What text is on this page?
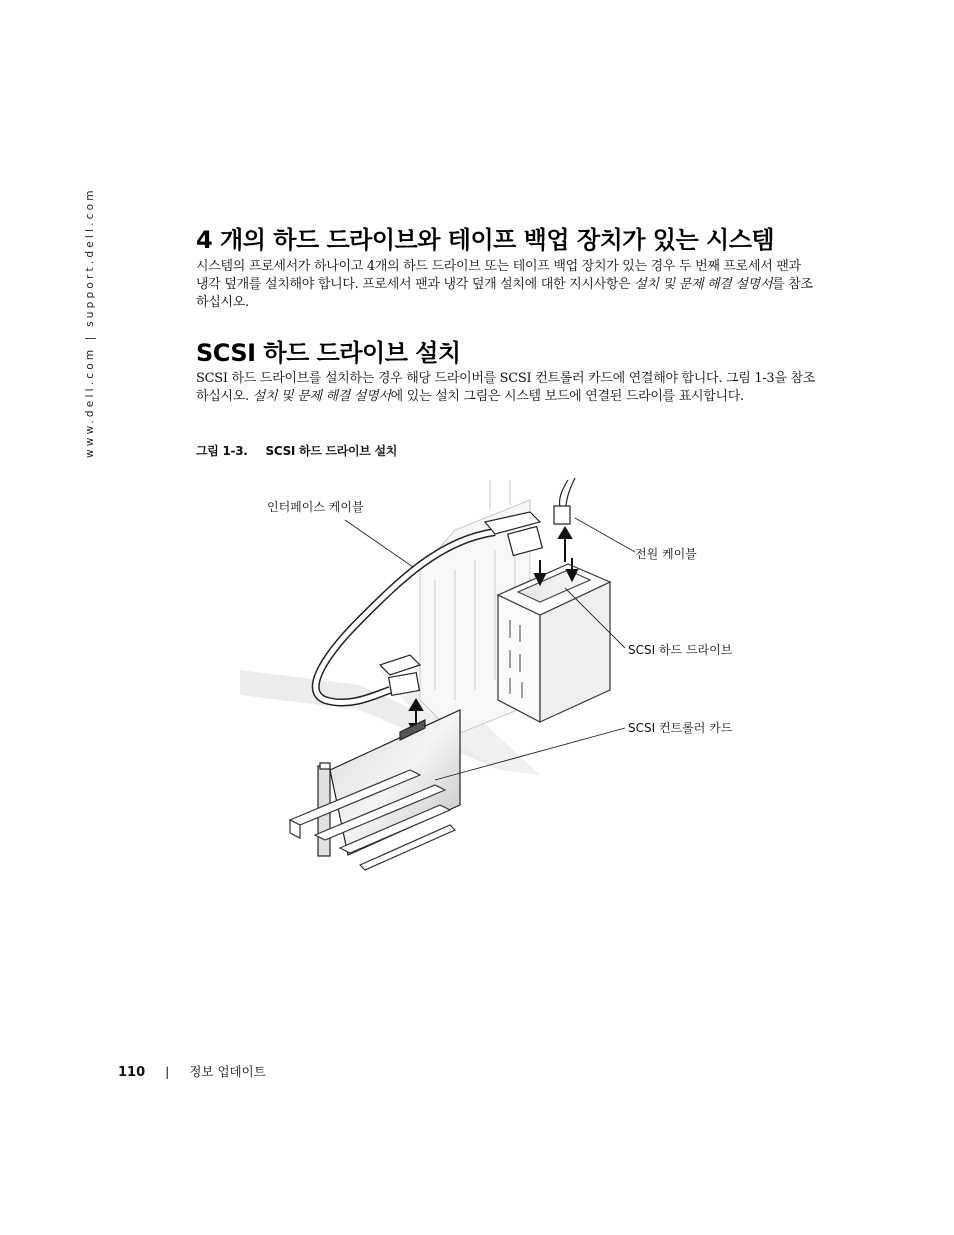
www.dell.com | support.dell.com	4 개의 하드 드라이브와 테이프 백업 장치가 있는 시스템

시스템의 프로세서가 하나이고 4개의 하드 드라이브 또는 테이프 백업 장치가 있는 경우 두 번째 프로세서 팬과 냉각 덮개를 설치해야 합니다. 프로세서 팬과 냉각 덮개 설치에 대한 지시사항은 설치 및 문제 해결 설명서를 참조하십시오.

SCSI 하드 드라이브 설치

SCSI 하드 드라이브를 설치하는 경우 해당 드라이버를 SCSI 컨트롤러 카드에 연결해야 합니다. 그림 1-3을 참조하십시오. 설치 및 문제 해결 설명서에 있는 설치 그림은 시스템 보드에 연결된 드라이를 표시합니다.

그림 1-3. SCSI 하드 드라이브 설치

인터페이스 케이블
전원 케이블
SCSI 하드 드라이브
SCSI 컨트롤러 카드
110 | 정보 업데이트
